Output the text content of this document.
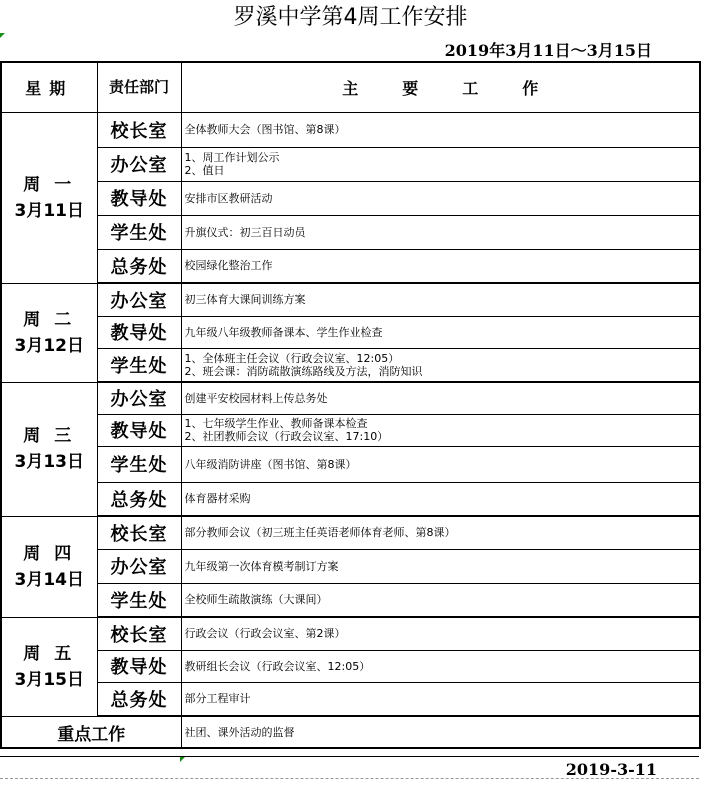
罗溪中学第4周工作安排
2019年3月11日～3月15日
星期	责任部门	主 要 工 作

周 一
3月11日	校长室	全体教师大会（图书馆、第8课）

	办公室	1、周工作计划公示
2、值日

	教导处	安排市区教研活动

	学生处	升旗仪式：初三百日动员

	总务处	校园绿化整治工作

周 二
3月12日	办公室	初三体育大课间训练方案

	教导处	九年级八年级教师备课本、学生作业检查

	学生处	1、全体班主任会议（行政会议室、12:05）
2、班会课：消防疏散演练路线及方法，消防知识

周 三
3月13日	办公室	创建平安校园材料上传总务处

	教导处	1、七年级学生作业、教师备课本检查
2、社团教师会议（行政会议室、17:10）

	学生处	八年级消防讲座（图书馆、第8课）

	总务处	体育器材采购

周 四
3月14日	校长室	部分教师会议（初三班主任英语老师体育老师、第8课）

	办公室	九年级第一次体育模考制订方案

	学生处	全校师生疏散演练（大课间）

周 五
3月15日	校长室	行政会议（行政会议室、第2课）

	教导处	教研组长会议（行政会议室、12:05）

	总务处	部分工程审计

重点工作		社团、课外活动的监督
2019-3-11
